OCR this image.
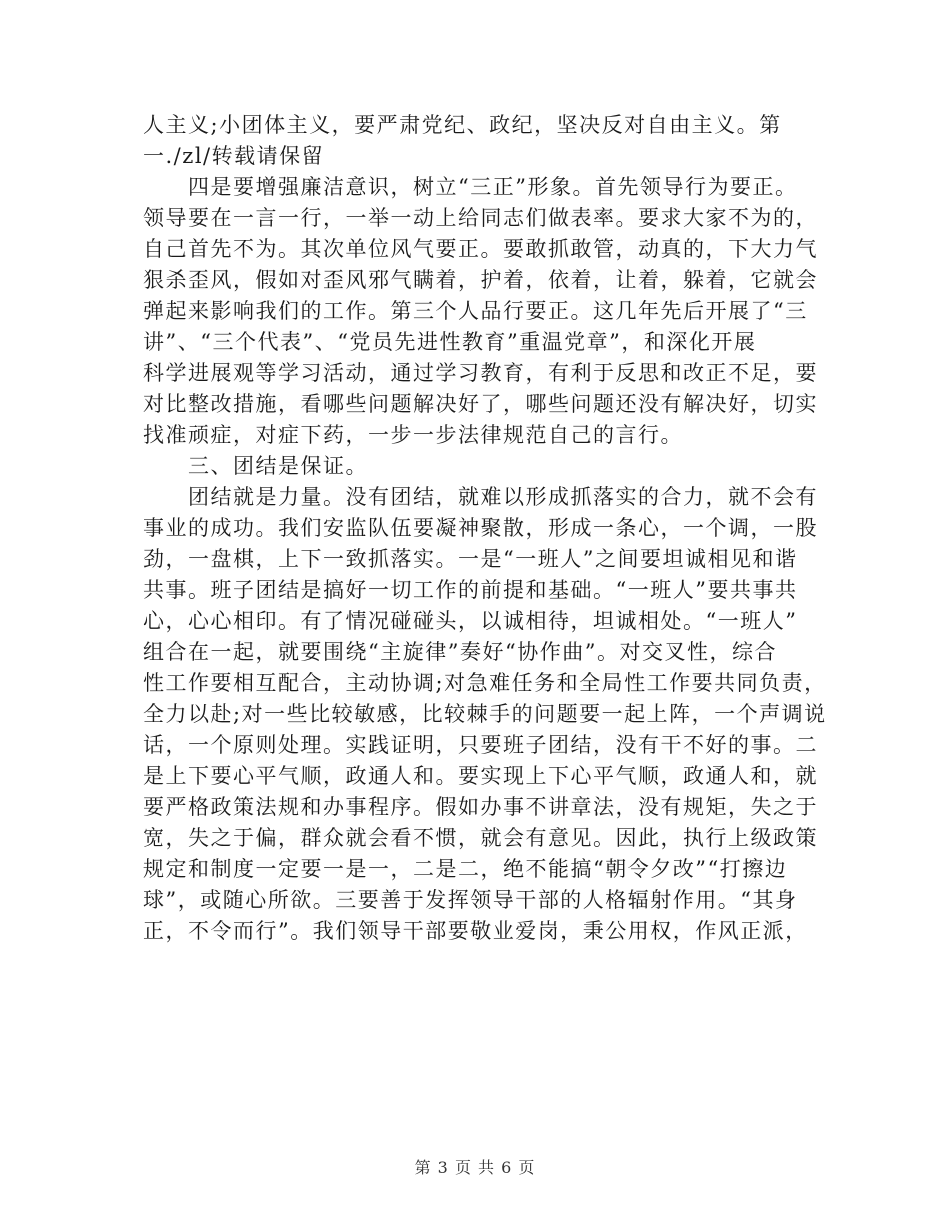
人主义;小团体主义，要严肃党纪、政纪，坚决反对自由主义。第
一./zl/转载请保留
　　四是要增强廉洁意识，树立“三正”形象。首先领导行为要正。
领导要在一言一行，一举一动上给同志们做表率。要求大家不为的，
自己首先不为。其次单位风气要正。要敢抓敢管，动真的，下大力气
狠杀歪风，假如对歪风邪气瞒着，护着，依着，让着，躲着，它就会
弹起来影响我们的工作。第三个人品行要正。这几年先后开展了“三
讲”、“三个代表”、“党员先进性教育”重温党章”，和深化开展
科学进展观等学习活动，通过学习教育，有利于反思和改正不足，要
对比整改措施，看哪些问题解决好了，哪些问题还没有解决好，切实
找准顽症，对症下药，一步一步法律规范自己的言行。
　　三、团结是保证。
　　团结就是力量。没有团结，就难以形成抓落实的合力，就不会有
事业的成功。我们安监队伍要凝神聚散，形成一条心，一个调，一股
劲，一盘棋，上下一致抓落实。一是“一班人”之间要坦诚相见和谐
共事。班子团结是搞好一切工作的前提和基础。“一班人”要共事共
心，心心相印。有了情况碰碰头，以诚相待，坦诚相处。“一班人”
组合在一起，就要围绕“主旋律”奏好“协作曲”。对交叉性，综合
性工作要相互配合，主动协调;对急难任务和全局性工作要共同负责，
全力以赴;对一些比较敏感，比较棘手的问题要一起上阵，一个声调说
话，一个原则处理。实践证明，只要班子团结，没有干不好的事。二
是上下要心平气顺，政通人和。要实现上下心平气顺，政通人和，就
要严格政策法规和办事程序。假如办事不讲章法，没有规矩，失之于
宽，失之于偏，群众就会看不惯，就会有意见。因此，执行上级政策
规定和制度一定要一是一，二是二，绝不能搞“朝令夕改”“打擦边
球”，或随心所欲。三要善于发挥领导干部的人格辐射作用。“其身
正，不令而行”。我们领导干部要敬业爱岗，秉公用权，作风正派，
第 3 页 共 6 页
